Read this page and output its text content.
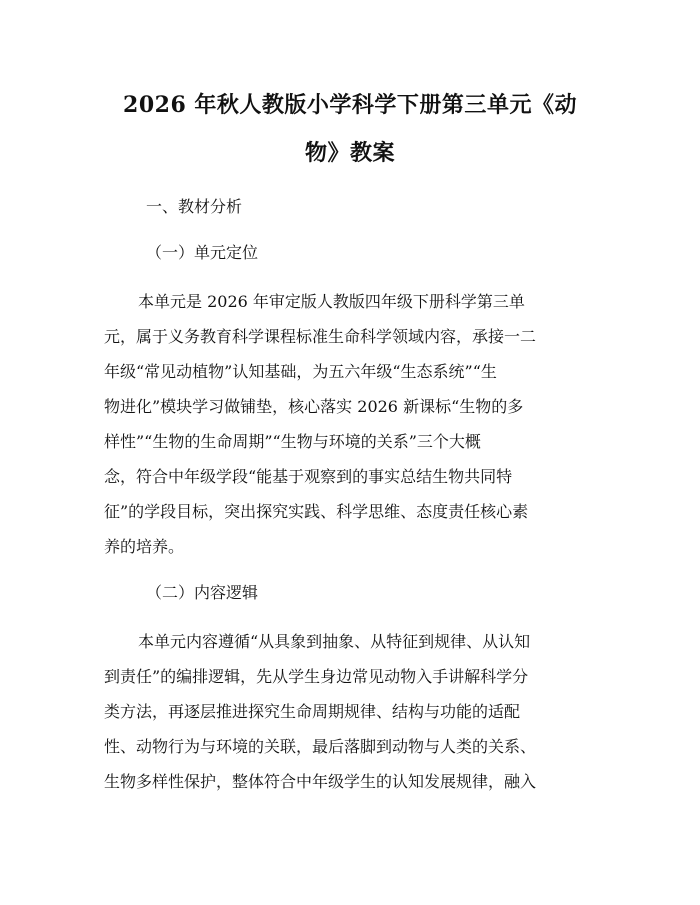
2026 年秋人教版小学科学下册第三单元《动
物》教案

一、教材分析

（一）单元定位

本单元是 2026 年审定版人教版四年级下册科学第三单

元，属于义务教育科学课程标准生命科学领域内容，承接一二

年级“常见动植物”认知基础，为五六年级“生态系统”“生

物进化”模块学习做铺垫，核心落实 2026 新课标“生物的多

样性”“生物的生命周期”“生物与环境的关系”三个大概

念，符合中年级学段“能基于观察到的事实总结生物共同特

征”的学段目标，突出探究实践、科学思维、态度责任核心素

养的培养。

（二）内容逻辑

本单元内容遵循“从具象到抽象、从特征到规律、从认知

到责任”的编排逻辑，先从学生身边常见动物入手讲解科学分

类方法，再逐层推进探究生命周期规律、结构与功能的适配

性、动物行为与环境的关联，最后落脚到动物与人类的关系、

生物多样性保护，整体符合中年级学生的认知发展规律，融入
